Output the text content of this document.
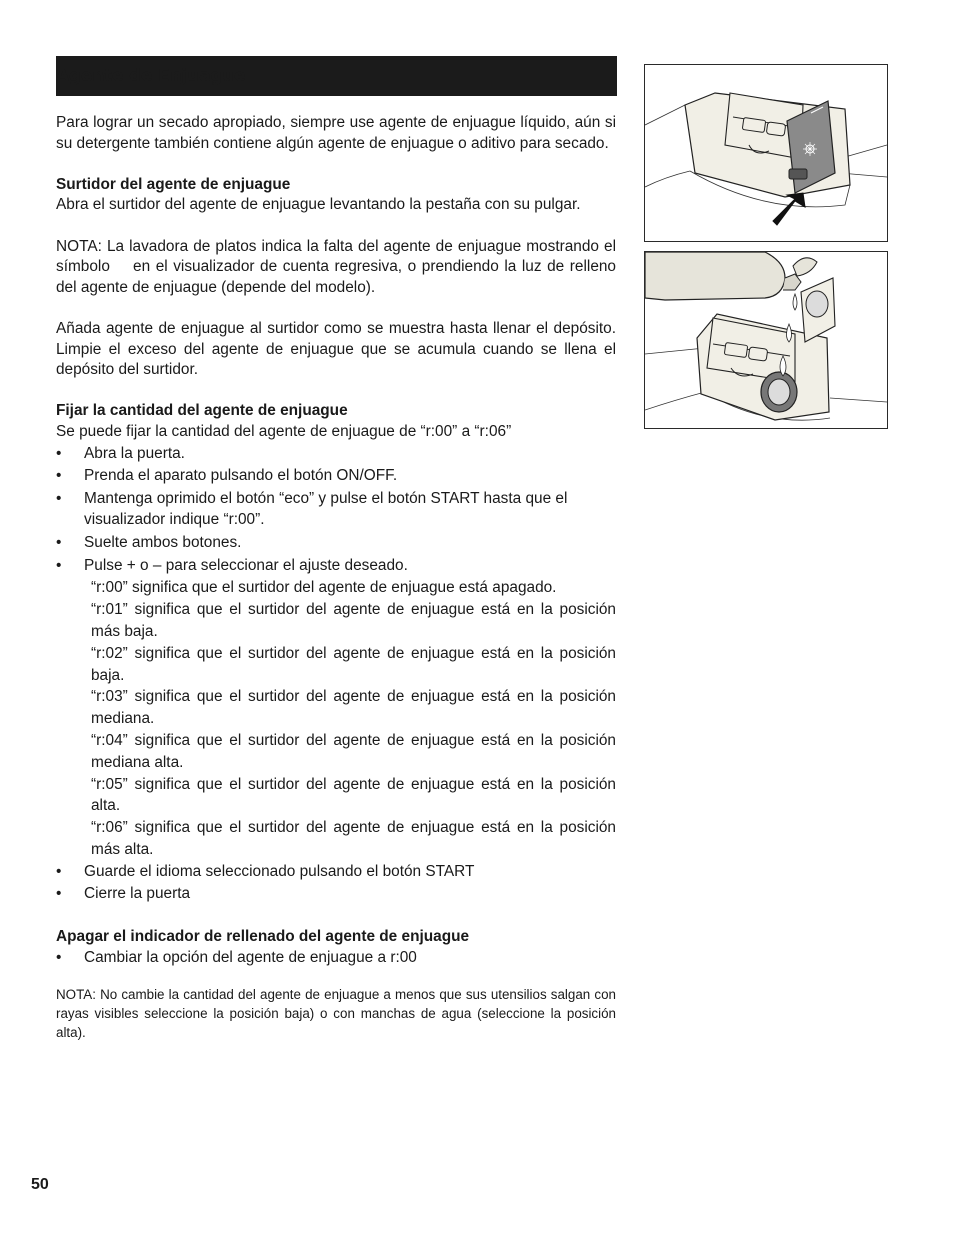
Agente de Enjuague

Para lograr un secado apropiado, siempre use agente de enjuague líquido, aún si su detergente también contiene algún agente de enjuague o aditivo para secado.

Surtidor del agente de enjuague

Abra el surtidor del agente de enjuague levantando la pestaña con su pulgar.

NOTA: La lavadora de platos indica la falta del agente de enjuague mostrando el símbolo en el visualizador de cuenta regresiva, o prendiendo la luz de relleno del agente de enjuague (depende del modelo).

Añada agente de enjuague al surtidor como se muestra hasta llenar el depósito. Limpie el exceso del agente de enjuague que se acumula cuando se llena el depósito del surtidor.

Fijar la cantidad del agente de enjuague

Se puede fijar la cantidad del agente de enjuague de “r:00” a “r:06”

• Abra la puerta.
• Prenda el aparato pulsando el botón ON/OFF.
• Mantenga oprimido el botón “eco” y pulse el botón START hasta que el visualizador indique “r:00”.
• Suelte ambos botones.
• Pulse + o – para seleccionar el ajuste deseado.
“r:00” significa que el surtidor del agente de enjuague está apagado.
“r:01” significa que el surtidor del agente de enjuague está en la posición más baja.
“r:02” significa que el surtidor del agente de enjuague está en la posición baja.
“r:03” significa que el surtidor del agente de enjuague está en la posición mediana.
“r:04” significa que el surtidor del agente de enjuague está en la posición mediana alta.
“r:05” significa que el surtidor del agente de enjuague está en la posición alta.
“r:06” significa que el surtidor del agente de enjuague está en la posición más alta.
• Guarde el idioma seleccionado pulsando el botón START
• Cierre la puerta

Apagar el indicador de rellenado del agente de enjuague

• Cambiar la opción del agente de enjuague a r:00

NOTA: No cambie la cantidad del agente de enjuague a menos que sus utensilios salgan con rayas visibles seleccione la posición baja) o con manchas de agua (seleccione la posición alta).

50
